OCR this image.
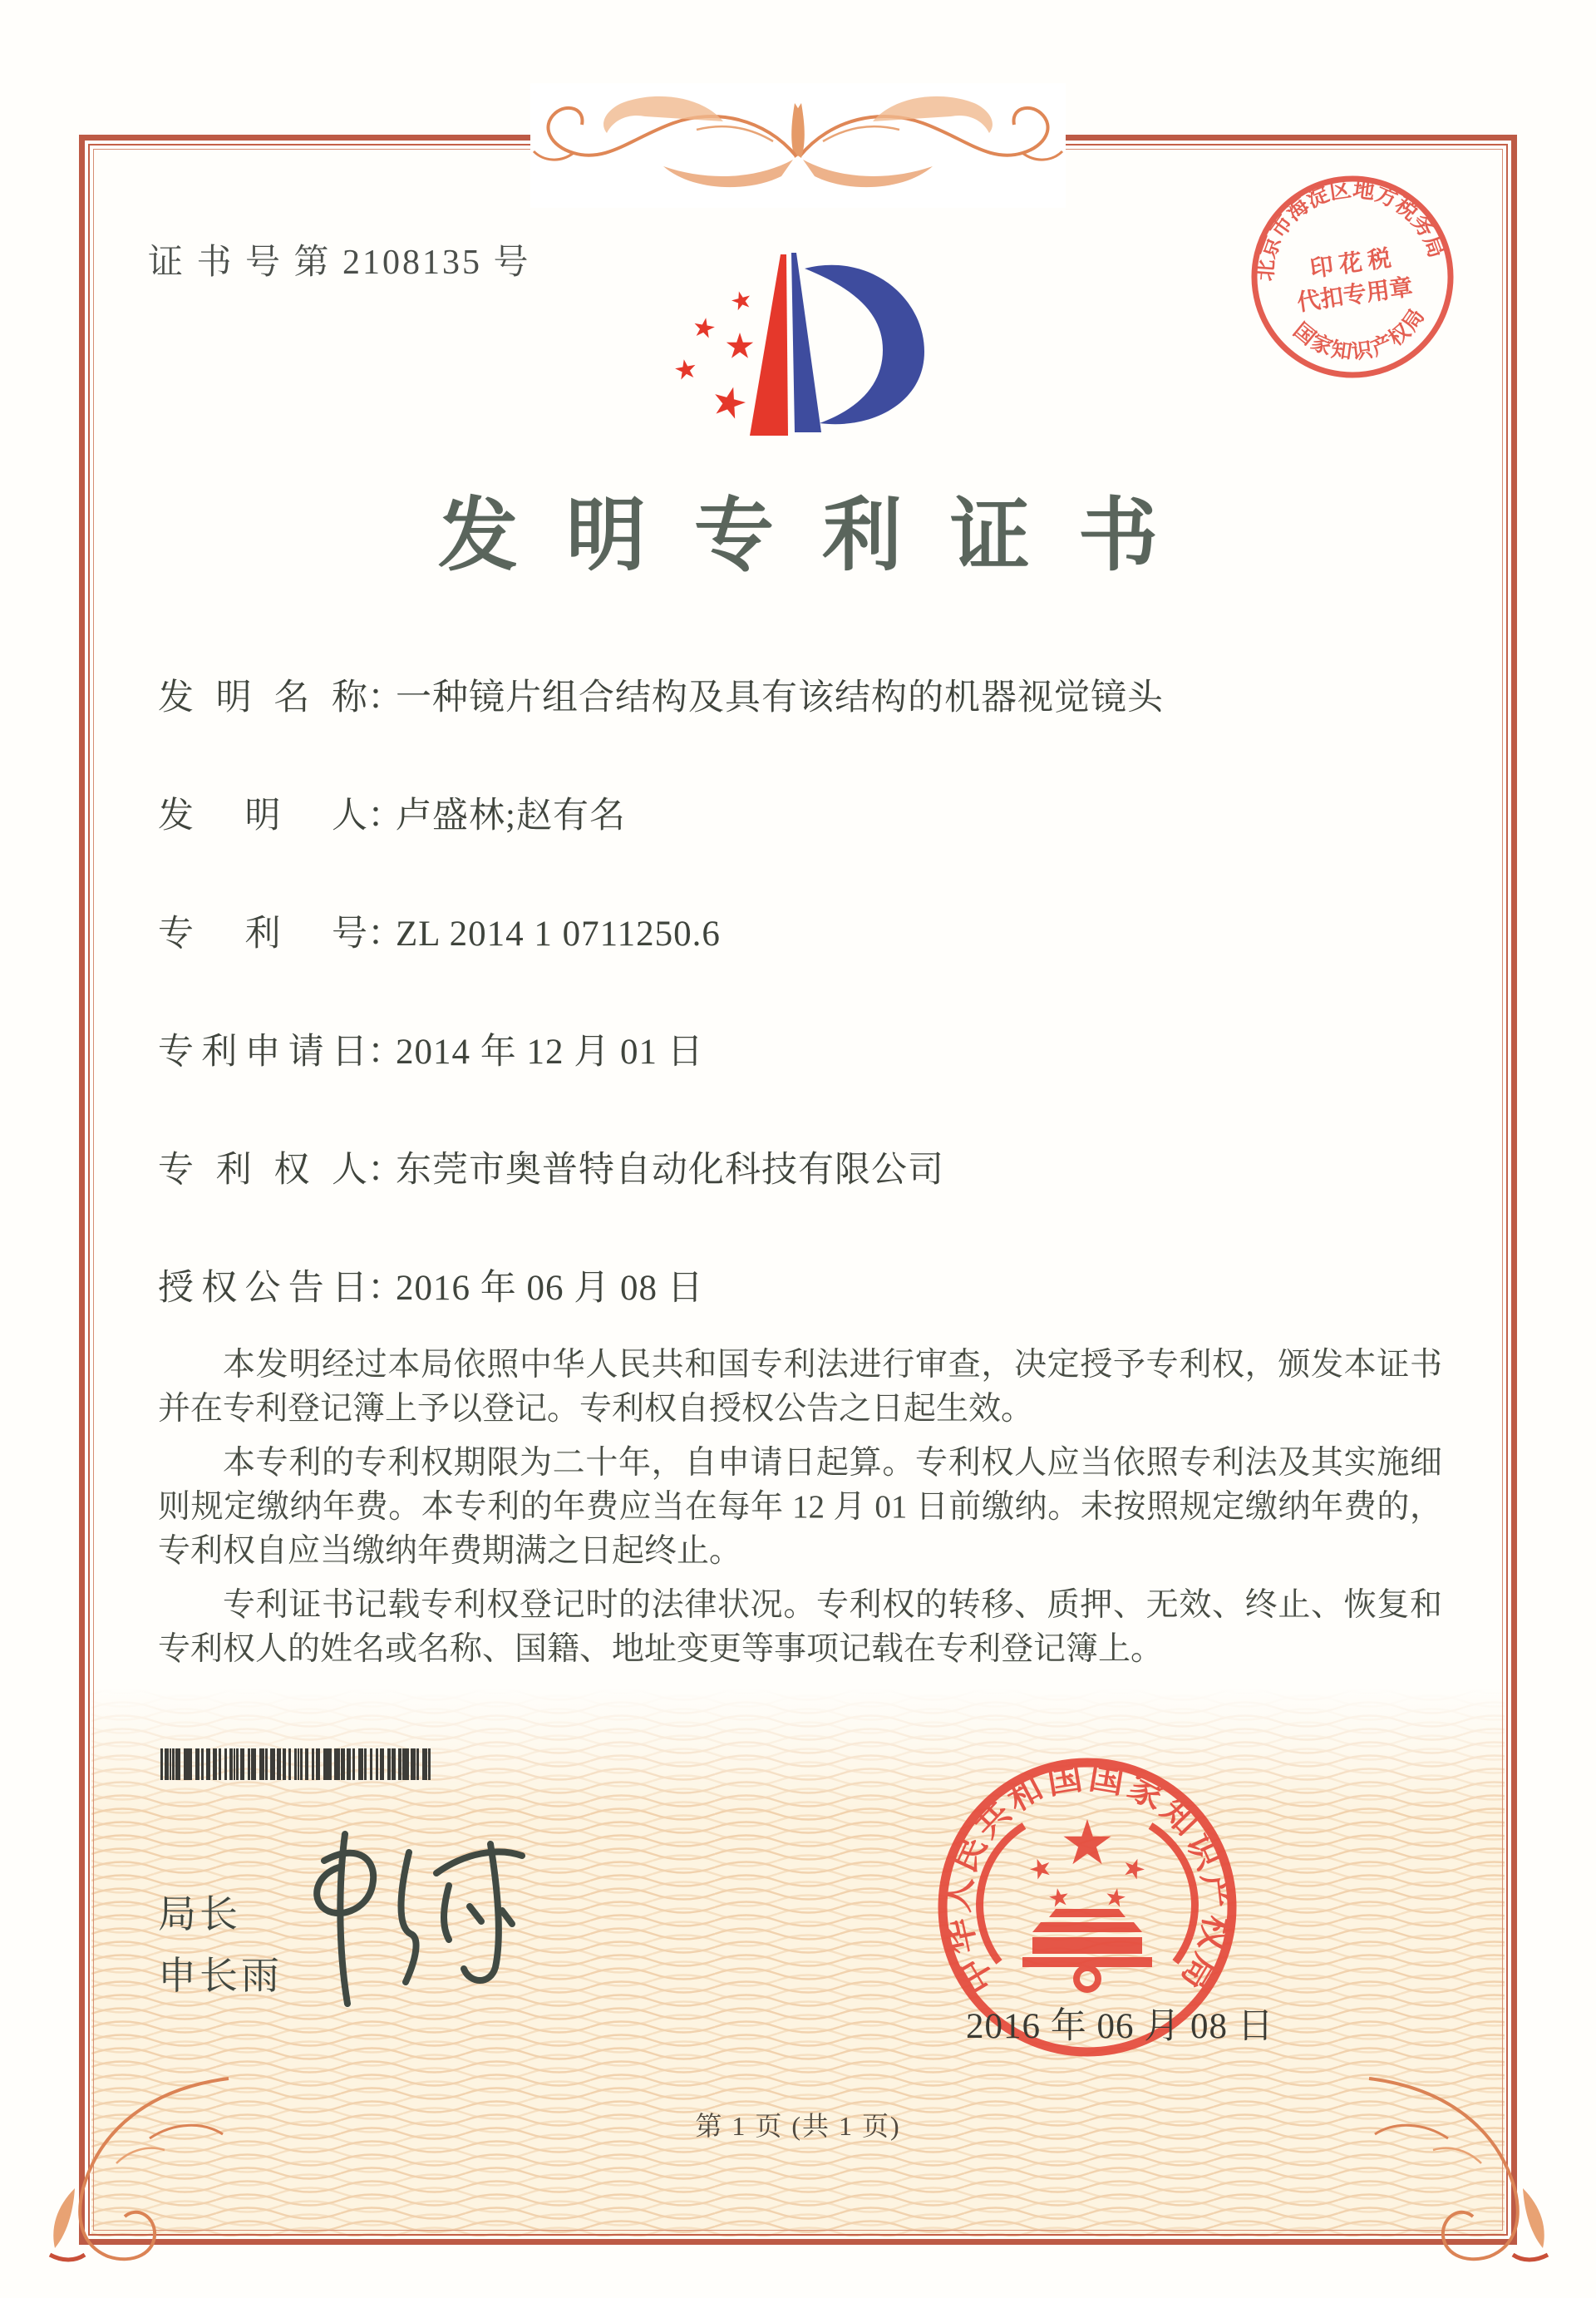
证 书 号 第 2108135 号	北京市海淀区地方税务局
国家知识产权局
印 花 税
代扣专用章
发明专利证书
发明名称：一种镜片组合结构及具有该结构的机器视觉镜头
发明人：卢盛林;赵有名
专利号：ZL 2014 1 0711250.6
专利申请日：2014 年 12 月 01 日
专利权人：东莞市奥普特自动化科技有限公司
授权公告日：2016 年 06 月 08 日

本发明经过本局依照中华人民共和国专利法进行审查，决定授予专利权，颁发本证书并在专利登记簿上予以登记。专利权自授权公告之日起生效。

本专利的专利权期限为二十年，自申请日起算。专利权人应当依照专利法及其实施细则规定缴纳年费。本专利的年费应当在每年 12 月 01 日前缴纳。未按照规定缴纳年费的，专利权自应当缴纳年费期满之日起终止。

专利证书记载专利权登记时的法律状况。专利权的转移、质押、无效、终止、恢复和专利权人的姓名或名称、国籍、地址变更等事项记载在专利登记簿上。

局长
申长雨	中华人民共和国国家知识产权局
2016 年 06 月 08 日
第 1 页 (共 1 页)
